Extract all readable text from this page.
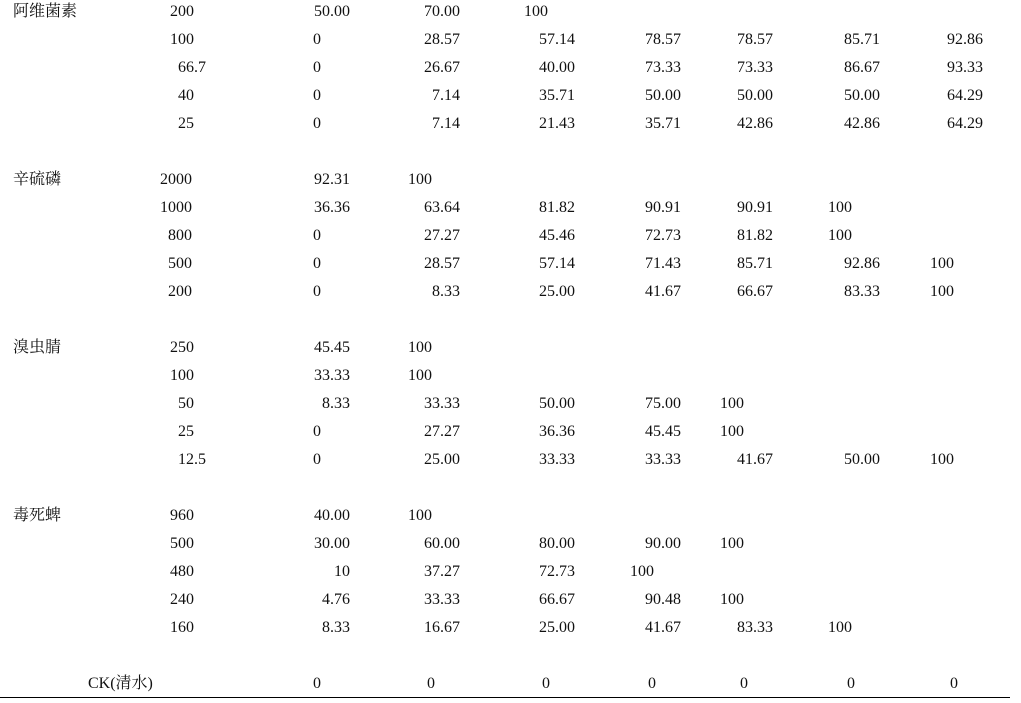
阿维菌素	200	50.00	70.00	100
100	0	28.57	57.14	78.57	78.57	85.71	92.86
66.7	0	26.67	40.00	73.33	73.33	86.67	93.33
40	0	7.14	35.71	50.00	50.00	50.00	64.29
25	0	7.14	21.43	35.71	42.86	42.86	64.29
辛硫磷	2000	92.31	100
1000	36.36	63.64	81.82	90.91	90.91	100
800	0	27.27	45.46	72.73	81.82	100
500	0	28.57	57.14	71.43	85.71	92.86	100
200	0	8.33	25.00	41.67	66.67	83.33	100
溴虫腈	250	45.45	100
100	33.33	100
50	8.33	33.33	50.00	75.00 100
25	0	27.27	36.36	45.45 100
12.5	0	25.00	33.33	33.33	41.67	50.00	100
毒死蜱	960	40.00	100
500	30.00	60.00	80.00	90.00 100
480	10	37.27	72.73	100
240	4.76	33.33	66.67	90.48 100
160	8.33	16.67	25.00	41.67	83.33	100
CK(清水)	0	0	0	0	0	0	0
